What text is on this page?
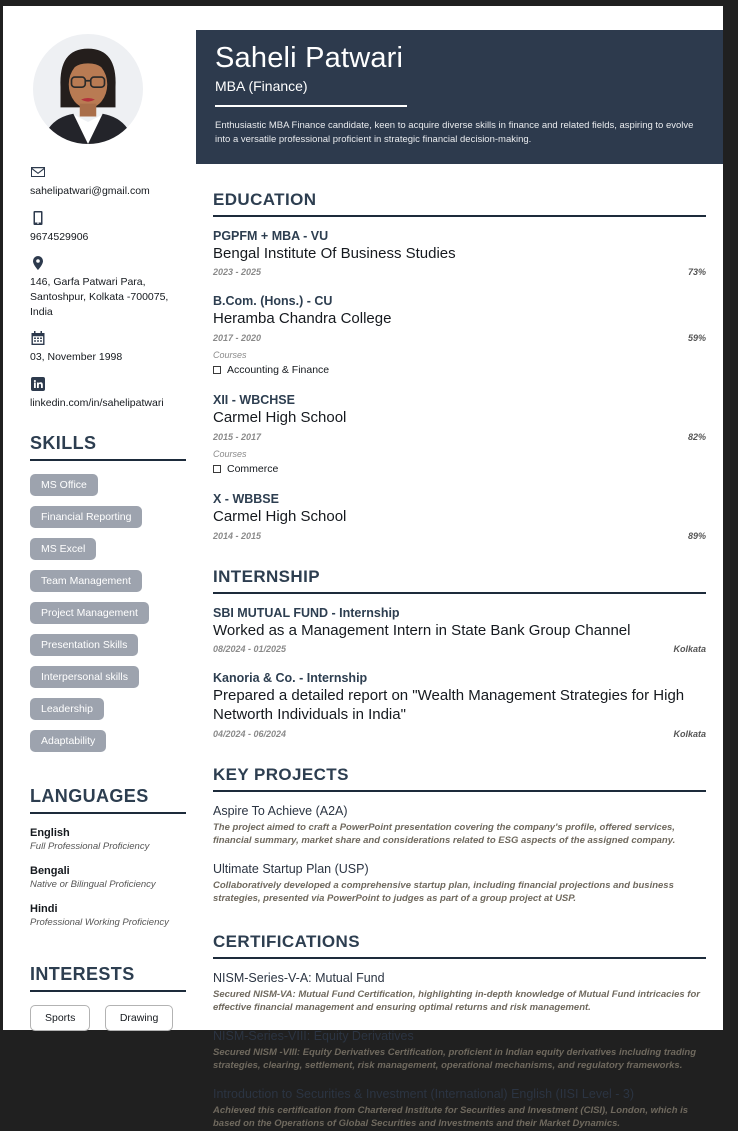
sahelipatwari@gmail.com
9674529906
146, Garfa Patwari Para, Santoshpur, Kolkata -700075, India
03, November 1998
linkedin.com/in/sahelipatwari
SKILLS
MS Office
Financial Reporting
MS Excel
Team Management
Project Management
Presentation Skills
Interpersonal skills
Leadership
Adaptability
LANGUAGES
English
Full Professional Proficiency
Bengali
Native or Bilingual Proficiency
Hindi
Professional Working Proficiency
INTERESTS
Sports	Drawing
Saheli Patwari
MBA (Finance)
Enthusiastic MBA Finance candidate, keen to acquire diverse skills in finance and related fields, aspiring to evolve into a versatile professional proficient in strategic financial decision-making.
EDUCATION
PGPFM + MBA - VU
Bengal Institute Of Business Studies
2023 - 2025	73%
B.Com. (Hons.) - CU
Heramba Chandra College
2017 - 2020	59%
Courses
Accounting & Finance
XII - WBCHSE
Carmel High School
2015 - 2017	82%
Courses
Commerce
X - WBBSE
Carmel High School
2014 - 2015	89%
INTERNSHIP
SBI MUTUAL FUND - Internship
Worked as a Management Intern in State Bank Group Channel
08/2024 - 01/2025	Kolkata
Kanoria & Co. - Internship
Prepared a detailed report on "Wealth Management Strategies for High Networth Individuals in India"
04/2024 - 06/2024	Kolkata
KEY PROJECTS
Aspire To Achieve (A2A)
The project aimed to craft a PowerPoint presentation covering the company's profile, offered services, financial summary, market share and considerations related to ESG aspects of the assigned company.
Ultimate Startup Plan (USP)
Collaboratively developed a comprehensive startup plan, including financial projections and business strategies, presented via PowerPoint to judges as part of a group project at USP.
CERTIFICATIONS
NISM-Series-V-A: Mutual Fund
Secured NISM-VA: Mutual Fund Certification, highlighting in-depth knowledge of Mutual Fund intricacies for effective financial management and ensuring optimal returns and risk management.
NISM-Series-VIII: Equity Derivatives
Secured NISM -VIII: Equity Derivatives Certification, proficient in Indian equity derivatives including trading strategies, clearing, settlement, risk management, operational mechanisms, and regulatory frameworks.
Introduction to Securities & Investment (International) English (IISI Level - 3)
Achieved this certification from Chartered Institute for Securities and Investment (CISI), London, which is based on the Operations of Global Securities and Investments and their Market Dynamics.
